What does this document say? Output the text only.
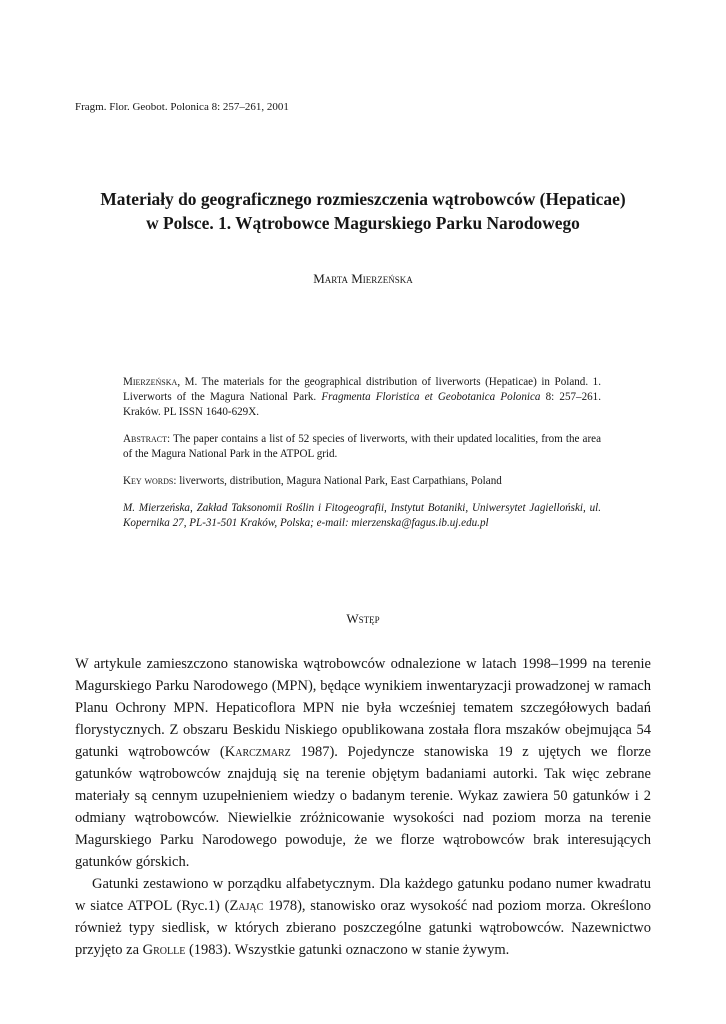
Fragm. Flor. Geobot. Polonica 8: 257–261, 2001
Materiały do geograficznego rozmieszczenia wątrobowców (Hepaticae)
w Polsce. 1. Wątrobowce Magurskiego Parku Narodowego
Marta Mierzeńska

Mierzeńska, M. The materials for the geographical distribution of liverworts (Hepaticae) in Poland. 1. Liverworts of the Magura National Park. Fragmenta Floristica et Geobotanica Polonica 8: 257–261. Kraków. PL ISSN 1640-629X.

Abstract: The paper contains a list of 52 species of liverworts, with their updated localities, from the area of the Magura National Park in the ATPOL grid.

Key words: liverworts, distribution, Magura National Park, East Carpathians, Poland

M. Mierzeńska, Zakład Taksonomii Roślin i Fitogeografii, Instytut Botaniki, Uniwersytet Jagielloński, ul. Kopernika 27, PL-31-501 Kraków, Polska; e-mail: mierzenska@fagus.ib.uj.edu.pl

Wstęp

W artykule zamieszczono stanowiska wątrobowców odnalezione w latach 1998–1999 na terenie Magurskiego Parku Narodowego (MPN), będące wynikiem inwentaryzacji prowadzonej w ramach Planu Ochrony MPN. Hepaticoflora MPN nie była wcześniej tematem szczegółowych badań florystycznych. Z obszaru Beskidu Niskiego opublikowana została flora mszaków obejmująca 54 gatunki wątrobowców (Karczmarz 1987). Pojedyncze stanowiska 19 z ujętych we florze gatunków wątrobowców znajdują się na terenie objętym badaniami autorki. Tak więc zebrane materiały są cennym uzupełnieniem wiedzy o badanym terenie. Wykaz zawiera 50 gatunków i 2 odmiany wątrobowców. Niewielkie zróżnicowanie wysokości nad poziom morza na terenie Magurskiego Parku Narodowego powoduje, że we florze wątrobowców brak interesujących gatunków górskich.

Gatunki zestawiono w porządku alfabetycznym. Dla każdego gatunku podano numer kwadratu w siatce ATPOL (Ryc.1) (Zając 1978), stanowisko oraz wysokość nad poziom morza. Określono również typy siedlisk, w których zbierano poszczególne gatunki wątrobowców. Nazewnictwo przyjęto za Grolle (1983). Wszystkie gatunki oznaczono w stanie żywym.
